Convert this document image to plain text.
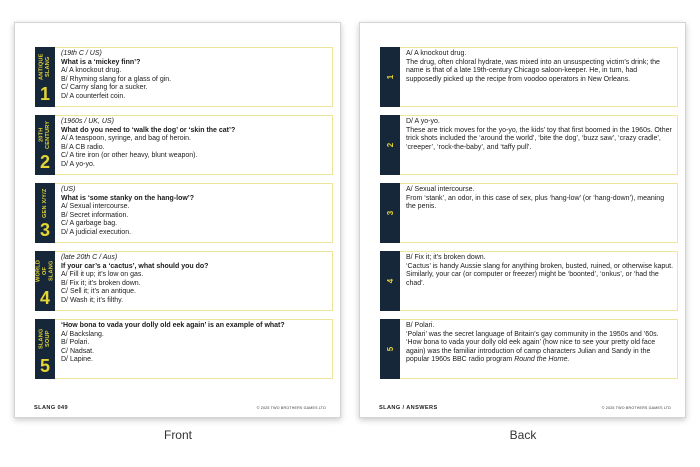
ANTIQUE SLANG
1
(19th C / US)
What is a ‘mickey finn’?
A/ A knockout drug.
B/ Rhyming slang for a glass of gin.
C/ Carny slang for a sucker.
D/ A counterfeit coin.
20TH CENTURY
2
(1960s / UK, US)
What do you need to ‘walk the dog’ or ‘skin the cat’?
A/ A teaspoon, syringe, and bag of heroin.
B/ A CB radio.
C/ A tire iron (or other heavy, blunt weapon).
D/ A yo-yo.
GEN X/Y/Z
3
(US)
What is ‘some stanky on the hang-low’?
A/ Sexual intercourse.
B/ Secret information.
C/ A garbage bag.
D/ A judicial execution.
WORLD OF SLANG
4
(late 20th C / Aus)
If your car’s a ‘cactus’, what should you do?
A/ Fill it up; it’s low on gas.
B/ Fix it; it’s broken down.
C/ Sell it; it’s an antique.
D/ Wash it; it’s filthy.
SLANG SOUP
5
‘How bona to vada your dolly old eek again’ is an example of what?
A/ Backslang.
B/ Polari.
C/ Nadsat.
D/ Lapine.
SLANG 049	© 2025 TWO BROTHERS GAMES LTD
1
A/ A knockout drug.
The drug, often chloral hydrate, was mixed into an unsuspecting victim’s drink; the name is that of a late 19th-century Chicago saloon-keeper. He, in turn, had supposedly picked up the recipe from voodoo operators in New Orleans.
2
D/ A yo-yo.
These are trick moves for the yo-yo, the kids’ toy that first boomed in the 1960s. Other trick shots included the ‘around the world’, ‘bite the dog’, ‘buzz saw’, ‘crazy cradle’, ‘creeper’, ‘rock-the-baby’, and ‘taffy pull’.
3
A/ Sexual intercourse.
From ‘stank’, an odor, in this case of sex, plus ‘hang-low’ (or ‘hang-down’), meaning the penis.
4
B/ Fix it; it’s broken down.
‘Cactus’ is handy Aussie slang for anything broken, busted, ruined, or otherwise kaput. Similarly, your car (or computer or freezer) might be ‘boonted’, ‘onkus’, or ‘had the chad’.
5
B/ Polari.
‘Polari’ was the secret language of Britain’s gay community in the 1950s and ’60s. ‘How bona to vada your dolly old eek again’ (how nice to see your pretty old face again) was the familiar introduction of camp characters Julian and Sandy in the popular 1960s BBC radio program Round the Horne.
SLANG / ANSWERS	© 2025 TWO BROTHERS GAMES LTD
Front	Back
